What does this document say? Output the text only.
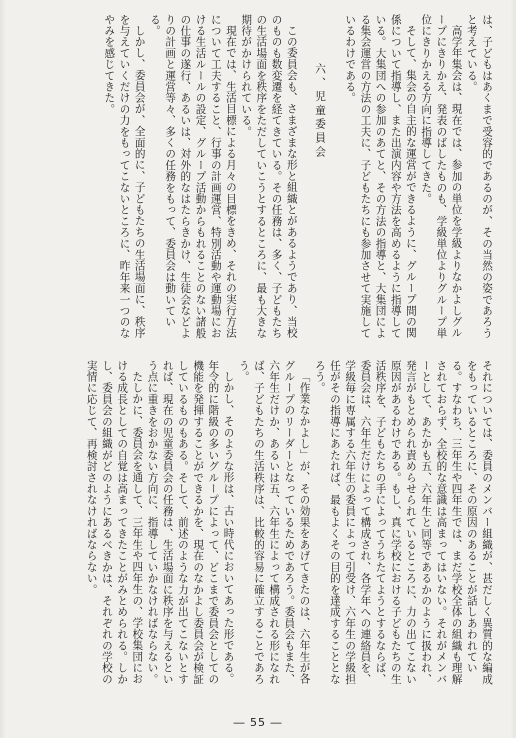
は、子どもはあくまで受容的であるのが、その当然の姿であろうと考えている。

高学年集会は、現在では、参加の単位を学級よりなかよしグループにきりかえ、発表のばしたものも、学級単位よりグループ単位にきりかえる方向に指導してきた。

そして、集会の自主的な運営ができるように、グループ間の関係について指導し、また出演内容や方法を高めるように指導している。大集団への参加のあてと、その方法の指導と、大集団による集会運営の方法の工夫に、子どもたちにも参加させて実施しているわけである。

六、児童委員会

この委員会も、さまざまな形と組織とがあるようであり、当校のものも数変遷を経てきている。その任務は、多く、子どもたちの生活場面を秩序をただしていこうとするところに、最も大きな期待がかけられている。

現在では、生活目標による月々の目標をきめ、それの実行方法について工夫すること、行事の計画運営、特別活動や運動場における生活ルールの設定、グループ活動からもれることのない諸般の仕事の遂行、あるいは、対外的なはたらきかけ、生徒会などよりの計画と運営等々、多くの任務をもって、委員会は動いている。

しかし、委員会が、全面的に、子どもたちの生活場面に、秩序を与えていくだけの力をもってこないところに、昨年来一つのなやみを感じてきた。

それについては、委員のメンバー組織が、甚だしく異質的な編成をもっているところに、その原因のあることが話しあわれている。すなわち、三年生や四年生では、まだ学校全体の組織も理解されておらず、全校的な意識は高まってはいない。それがメンバーとして、あたかも五、六年生と同等であるかのように扱われ、発言がもとめられ責めらせられているところに、力の出てこない原因があるわけである。もし、真に学校における子どもたちの生活秩序を、子どもたちの手によってうちたてようとするならば、委員会は、六年生だけによって構成され、各学年への連絡員を、学級毎に専属する六年生の委員によって引受け、六年生の学級担任がその指導にあたれば、最もよくその目的を達成することとなろう。

「作業なかよし」が、その効果をあげてきたのは、六年生が各グループのリーダーとなっているためであろう。委員会もまた、六年生だけか、あるいは五、六年生によって構成される形になれば、子どもたちの生活秩序は、比較的容易に確立することであろう。

しかし、そのような形は、古い時代においてあった形である。年令的に階級の多いグループによって、どこまで委員会としての機能を発揮することができるかを、現在のなかよし委員会が検証しているものもある。そして、前述のような力が出てこないとすれば、現在の児童委員会の任務は、生活場面に秩序を与えるという点に重きをおかない方向に、指導していかなければならない。

たしかに、委員会を通して、三年生や四年生の、学校集団における成長としての自覚は高まってきたことがみとめられる。しかし、委員会の組織がどのようにあるべきかは、それぞれの学校の実情に応じて、再検討されなければならない。

― 55 ―
